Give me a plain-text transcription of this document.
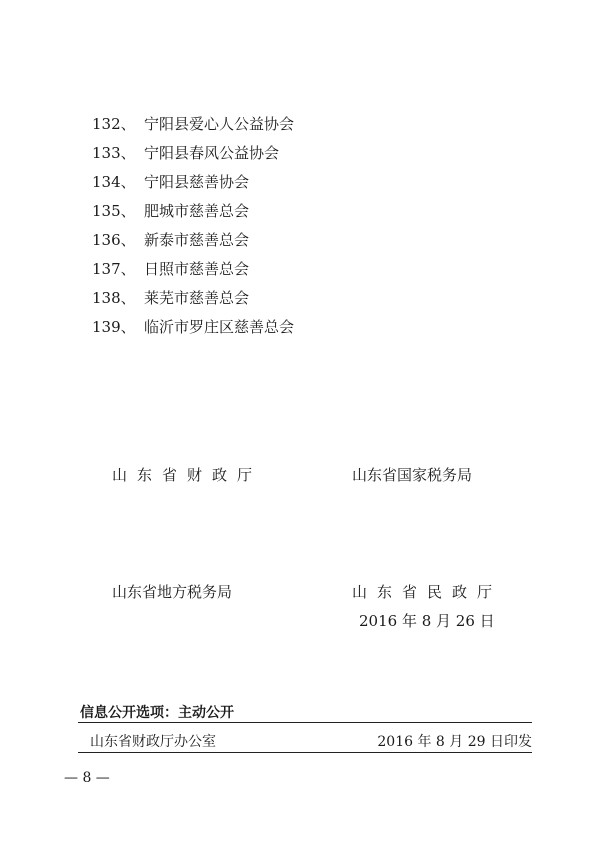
132、 宁阳县爱心人公益协会
133、 宁阳县春风公益协会
134、 宁阳县慈善协会
135、 肥城市慈善总会
136、 新泰市慈善总会
137、 日照市慈善总会
138、 莱芜市慈善总会
139、 临沂市罗庄区慈善总会
山东省财政厅	山东省国家税务局
山东省地方税务局	山东省民政厅
2016 年 8 月 26 日
信息公开选项：主动公开
山东省财政厅办公室	2016 年 8 月 29 日印发
— 8 —
